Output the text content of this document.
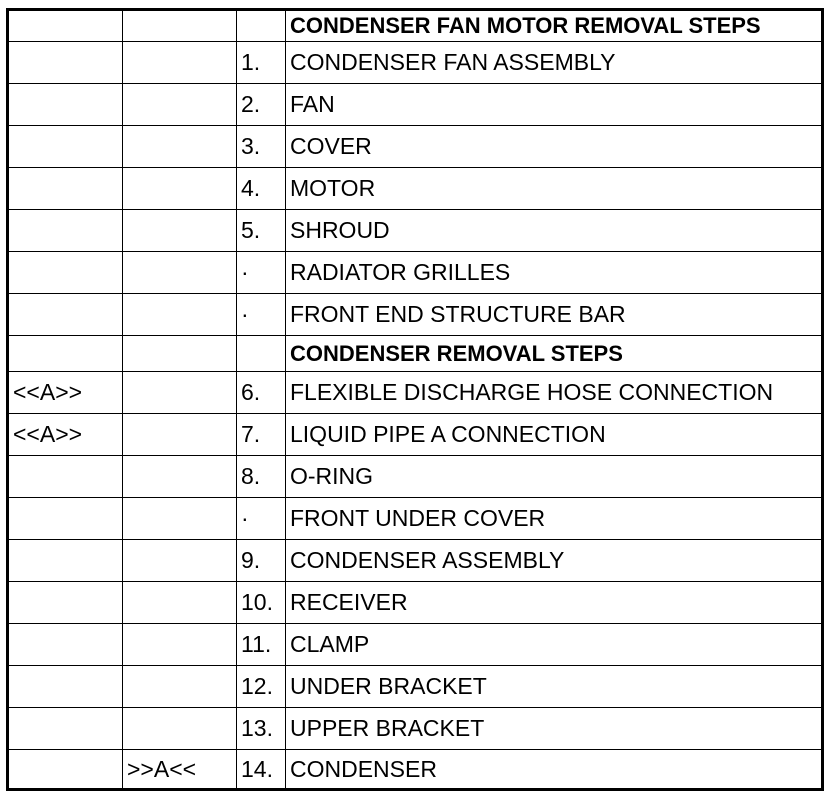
			CONDENSER FAN MOTOR REMOVAL STEPS
		1.	CONDENSER FAN ASSEMBLY
		2.	FAN
		3.	COVER
		4.	MOTOR
		5.	SHROUD
		·	RADIATOR GRILLES
		·	FRONT END STRUCTURE BAR
			CONDENSER REMOVAL STEPS
<<A>>		6.	FLEXIBLE DISCHARGE HOSE CONNECTION
<<A>>		7.	LIQUID PIPE A CONNECTION
		8.	O-RING
		·	FRONT UNDER COVER
		9.	CONDENSER ASSEMBLY
		10.	RECEIVER
		11.	CLAMP
		12.	UNDER BRACKET
		13.	UPPER BRACKET
	>>A<<	14.	CONDENSER
